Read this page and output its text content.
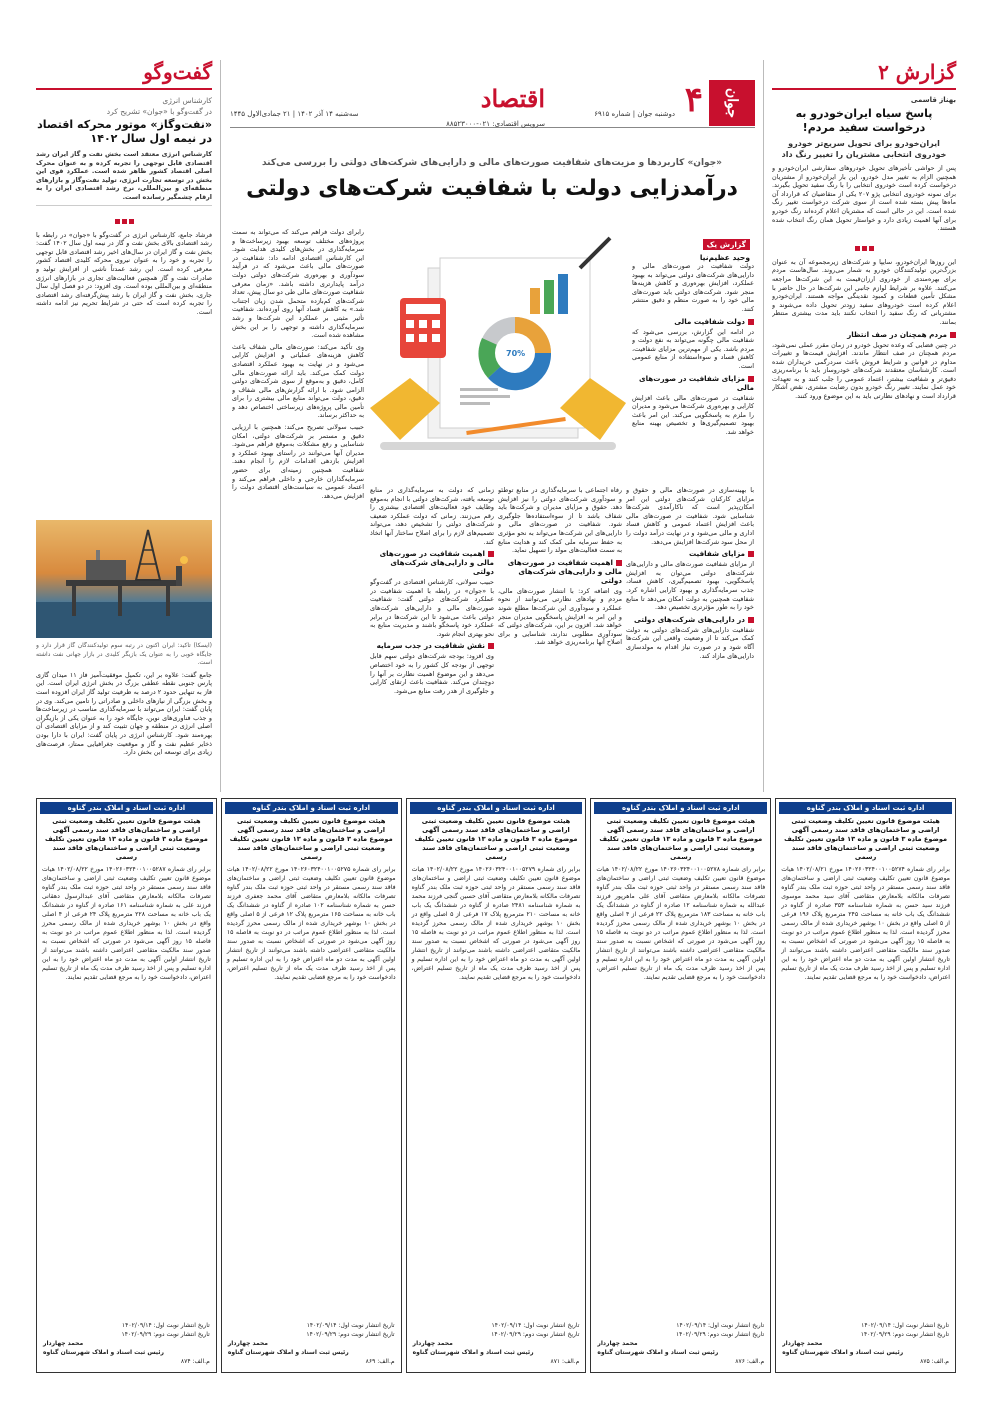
گفت‌وگو
کارشناس انرژی
در گفت‌وگو با «جوان» تشریح کرد
«نفت‌وگاز» موتور محرکه اقتصاد در نیمه اول سال ۱۴۰۲
کارشناس انرژی معتقد است بخش نفت و گاز ایران رشد اقتصادی قابل توجهی را تجربه کرده و به عنوان محرک اصلی اقتصاد کشور ظاهر شده است. عملکرد قوی این بخش در توسعه تجارت انرژی، تولید نفت‌وگاز و بازارهای منطقه‌ای و بین‌المللی، نرخ رشد اقتصادی ایران را به ارقام چشمگیر رسانده است.
فرشاد جامع، کارشناس انرژی در گفت‌وگو با «جوان» در رابطه با رشد اقتصادی بالای بخش نفت و گاز در نیمه اول سال ۱۴۰۲ گفت: بخش نفت و گاز ایران در سال‌های اخیر رشد اقتصادی قابل توجهی را تجربه و خود را به عنوان نیروی محرکه کلیدی اقتصاد کشور معرفی کرده است. این رشد عمدتاً ناشی از افزایش تولید و صادرات نفت و گاز همچنین فعالیت‌های تجاری در بازارهای انرژی منطقه‌ای و بین‌المللی بوده است. وی افزود: در دو فصل اول سال جاری، بخش نفت و گاز ایران با رشد پیش‌گرفته‌ای رشد اقتصادی را تجربه کرده است که حتی در شرایط تحریم نیز ادامه داشته است.
(ایسکا) تاکید: ایران اکنون در رتبه سوم تولیدکنندگان گاز قرار دارد و جایگاه خوبی را به عنوان یک بازیگر کلیدی در بازار جهانی نفت داشته است.
جامع گفت: علاوه بر این، تکمیل موفقیت‌آمیز فاز ۱۱ میدان گازی پارس جنوبی نقطه عطفی بزرگ در بخش انرژی ایران است. این فاز به تنهایی حدود ۲ درصد به ظرفیت تولید گاز ایران افزوده است و بخش بزرگی از نیازهای داخلی و صادراتی را تامین می‌کند. وی در پایان گفت: ایران می‌تواند با سرمایه‌گذاری مناسب در زیرساخت‌ها و جذب فناوری‌های نوین، جایگاه خود را به عنوان یکی از بازیگران اصلی انرژی در منطقه و جهان تثبیت کند و از مزایای اقتصادی آن بهره‌مند شود. کارشناس انرژی در پایان گفت: ایران با دارا بودن ذخایر عظیم نفت و گاز و موقعیت جغرافیایی ممتاز، فرصت‌های زیادی برای توسعه این بخش دارد.
جوان
۴
اقتصاد
دوشنبه جوان | شماره ۶۹۱۵
سه‌شنبه ۱۴ آذر ۱۴۰۲ | ۲۱ جمادی‌الاول ۱۴۴۵
سرویس اقتصادی: ۰۲۱-۸۸۵۲۳۰۰۰
«جوان» کاربردها و مزیت‌های شفافیت صورت‌های مالی و دارایی‌های شرکت‌های دولتی را بررسی می‌کند
درآمدزایی دولت با شفافیت شرکت‌های دولتی
70%
گزارش یک
وحید عظیم‌نیا
رابرای دولت فراهم می‌کند که می‌تواند به سمت پروژه‌های مختلف توسعه بهبود زیرساخت‌ها و سرمایه‌گذاری در بخش‌های کلیدی هدایت شود. این کارشناس اقتصادی ادامه داد: شفافیت در صورت‌های مالی باعث می‌شود که در فرآیند سودآوری و بهره‌وری شرکت‌های دولتی دولت درآمد پایدارتری داشته باشد. «زمان معرفی شفافیت صورت‌های مالی طی دو سال پیش، تعداد شرکت‌های کم‌بازده متحمل شدن زیان اجتناب شد.» به کاهش فساد آنها روی آورده‌اند. شفافیت تأثیر مثبتی بر عملکرد این شرکت‌ها و رشد سرمایه‌گذاری داشته و توجهی را بر این بخش مشاهده شده است.
وی تأکید می‌کند: صورت‌های مالی شفاف باعث کاهش هزینه‌های عملیاتی و افزایش کارایی می‌شود و در نهایت به بهبود عملکرد اقتصادی دولت کمک می‌کند. باید ارائه صورت‌های مالی کامل، دقیق و به‌موقع از سوی شرکت‌های دولتی الزامی شود. با ارائه گزارش‌های مالی شفاف و دقیق، دولت می‌تواند منابع مالی بیشتری را برای تأمین مالی پروژه‌های زیرساختی اختصاص دهد و به حداکثر برساند.
حبیب سولانی تصریح می‌کند: همچنین با ارزیابی دقیق و مستمر بر شرکت‌های دولتی، امکان شناسایی و رفع مشکلات به‌موقع فراهم می‌شود. مدیران آنها می‌توانند در راستای بهبود عملکرد و افزایش بازدهی اقدامات لازم را انجام دهند. شفافیت همچنین زمینه‌ای برای حضور سرمایه‌گذاران خارجی و داخلی فراهم می‌کند و اعتماد عمومی به سیاست‌های اقتصادی دولت را افزایش می‌دهد.
زمانی که دولت به سرمایه‌گذاری در منابع توسعه یافته، شرکت‌های دولتی با انجام به‌موقع وظایف خود فعالیت‌های اقتصادی بیشتری را رقم می‌زنند. زمانی که دولت عملکرد ضعیف شرکت‌های دولتی را تشخیص دهد، می‌تواند تصمیم‌های لازم را برای اصلاح ساختار آنها اتخاذ کند.
اهمیت شفافیت در صورت‌های مالی و دارایی‌های شرکت‌های دولتی
حبیب سولانی، کارشناس اقتصادی در گفت‌وگو با «جوان» در رابطه با اهمیت شفافیت در عملکرد شرکت‌های دولتی گفت: شفافیت صورت‌های مالی و دارایی‌های شرکت‌های دولتی باعث می‌شود تا این شرکت‌ها در برابر عملکرد خود پاسخگو باشند و مدیریت منابع به نحو بهتری انجام شود.
نقش شفافیت در جذب سرمایه
وی افزود: بودجه شرکت‌های دولتی سهم قابل توجهی از بودجه کل کشور را به خود اختصاص می‌دهد و این موضوع اهمیت نظارت بر آنها را دوچندان می‌کند. شفافیت باعث ارتقای کارایی و جلوگیری از هدر رفت منابع می‌شود.
رفاه اجتماعی با سرمایه‌گذاری در منابع توطئو و سودآوری شرکت‌های دولتی را نیز افزایش دهد. حقوق و مزایای مدیران و شرکت‌ها باید شفاف باشد تا از سوءاستفاده‌ها جلوگیری شود. شفافیت در صورت‌های مالی و دارایی‌های این شرکت‌ها می‌تواند به نحو مؤثری به حفظ سرمایه ملی کمک کند و هدایت منابع به سمت فعالیت‌های مولد را تسهیل نماید.
اهمیت شفافیت در صورت‌های مالی و دارایی‌های شرکت‌های دولتی
وی اضافه کرد: با انتشار صورت‌های مالی، مردم و نهادهای نظارتی می‌توانند از نحوه عملکرد و سودآوری این شرکت‌ها مطلع شوند و این امر به افزایش پاسخگویی مدیران منجر خواهد شد. افزون بر این، شرکت‌های دولتی که سودآوری مطلوبی ندارند، شناسایی و برای اصلاح آنها برنامه‌ریزی خواهد شد.
با بهینه‌سازی در صورت‌های مالی و حقوق و مزایای کارکنان شرکت‌های دولتی این امر امکان‌پذیر است که ناکارآمدی شرکت‌ها شناسایی شود. شفافیت در صورت‌های مالی باعث افزایش اعتماد عمومی و کاهش فساد اداری و مالی می‌شود و در نهایت درآمد دولت را از محل سود شرکت‌ها افزایش می‌دهد.
مزایای شفافیت
از مزایای شفافیت صورت‌های مالی و دارایی‌های شرکت‌های دولتی می‌توان به افزایش پاسخگویی، بهبود تصمیم‌گیری، کاهش فساد، جذب سرمایه‌گذاری و بهبود کارایی اشاره کرد. شفافیت همچنین به دولت امکان می‌دهد تا منابع خود را به طور مؤثرتری تخصیص دهد.
در دارایی‌های شرکت‌های دولتی
شفافیت دارایی‌های شرکت‌های دولتی به دولت کمک می‌کند تا از وضعیت واقعی این شرکت‌ها آگاه شود و در صورت نیاز اقدام به مولدسازی دارایی‌های مازاد کند.
دولت شفافیت در صورت‌های مالی و دارایی‌های شرکت‌های دولتی می‌تواند به بهبود عملکرد، افزایش بهره‌وری و کاهش هزینه‌ها منجر شود. شرکت‌های دولتی باید صورت‌های مالی خود را به صورت منظم و دقیق منتشر کنند.
دولت شفافیت مالی
در ادامه این گزارش، بررسی می‌شود که شفافیت مالی چگونه می‌تواند به نفع دولت و مردم باشد. یکی از مهم‌ترین مزایای شفافیت، کاهش فساد و سوءاستفاده از منابع عمومی است.
مزایای شفافیت در صورت‌های مالی
شفافیت در صورت‌های مالی باعث افزایش کارایی و بهره‌وری شرکت‌ها می‌شود و مدیران را ملزم به پاسخگویی می‌کند. این امر باعث بهبود تصمیم‌گیری‌ها و تخصیص بهینه منابع خواهد شد.
گزارش ۲
بهناز قاسمی
پاسخ سیاه ایران‌خودرو به درخواست سفید مردم!
ایران‌خودرو برای تحویل سریع‌تر خودرو خودروی انتخابی مشتریان را تغییر رنگ داد
پس از حواشی تأخیرهای تحویل خودروهای سفارشی ایران‌خودرو و همچنین الزام به تغییر مدل خودرو، این بار ایران‌خودرو از مشتریان درخواست کرده است خودروی انتخابی را با رنگ سفید تحویل بگیرند. برای نمونه خودروی انتخابی پژو ۲۰۷ یکی از متقاضیان که قرارداد آن ماه‌ها پیش بسته شده است از سوی شرکت درخواست تغییر رنگ شده است. این در حالی است که مشتریان اعلام کرده‌اند رنگ خودرو برای آنها اهمیت زیادی دارد و خواستار تحویل همان رنگ انتخاب شده هستند.
این روزها ایران‌خودرو، سایپا و شرکت‌های زیرمجموعه آن به عنوان بزرگ‌ترین تولیدکنندگان خودرو به شمار می‌روند. سال‌هاست مردم برای بهره‌مندی از خودروی ارزان‌قیمت به این شرکت‌ها مراجعه می‌کنند. علاوه بر شرایط لوازم جانبی این شرکت‌ها در حال حاضر با مشکل تأمین قطعات و کمبود نقدینگی مواجه هستند. ایران‌خودرو اعلام کرده است خودروهای سفید زودتر تحویل داده می‌شوند و مشتریانی که رنگ سفید را انتخاب نکنند باید مدت بیشتری منتظر بمانند.
مردم همچنان در صف انتظار
در چنین فضایی که وعده تحویل خودرو در زمان مقرر عملی نمی‌شود، مردم همچنان در صف انتظار ماندند. افزایش قیمت‌ها و تغییرات مداوم در قوانین و شرایط فروش باعث سردرگمی خریداران شده است. کارشناسان معتقدند شرکت‌های خودروساز باید با برنامه‌ریزی دقیق‌تر و شفافیت بیشتر، اعتماد عمومی را جلب کنند و به تعهدات خود عمل نمایند. تغییر رنگ خودرو بدون رضایت مشتری، نقض آشکار قرارداد است و نهادهای نظارتی باید به این موضوع ورود کنند.
اداره ثبت اسناد و املاک بندر گناوه
هیئت موضوع قانون تعیین تکلیف وضعیت ثبتی اراضی و ساختمان‌های فاقد سند رسمی آگهی موضوع ماده ۳ قانون و ماده ۱۳ قانون تعیین تکلیف وضعیت ثبتی اراضی و ساختمان‌های فاقد سند رسمی
برابر رای شماره ۱۴۰۲۶۰۳۲۴۰۰۱۰۰۵۲۷۴ مورخ ۱۴۰۲/۰۸/۲۱ هیات موضوع قانون تعیین تکلیف وضعیت ثبتی اراضی و ساختمان‌های فاقد سند رسمی مستقر در واحد ثبتی حوزه ثبت ملک بندر گناوه تصرفات مالکانه بلامعارض متقاضی آقای سید محمد موسوی فرزند سید حسن به شماره شناسنامه ۳۵۳ صادره از گناوه در ششدانگ یک باب خانه به مساحت ۲۴۵ مترمربع پلاک ۱۹۶ فرعی از ۵ اصلی واقع در بخش ۱۰ بوشهر خریداری شده از مالک رسمی محرز گردیده است. لذا به منظور اطلاع عموم مراتب در دو نوبت به فاصله ۱۵ روز آگهی می‌شود در صورتی که اشخاص نسبت به صدور سند مالکیت متقاضی اعتراضی داشته باشند می‌توانند از تاریخ انتشار اولین آگهی به مدت دو ماه اعتراض خود را به این اداره تسلیم و پس از اخذ رسید ظرف مدت یک ماه از تاریخ تسلیم اعتراض، دادخواست خود را به مرجع قضایی تقدیم نمایند.
تاریخ انتشار نوبت اول: ۱۴۰۲/۰۹/۱۴
تاریخ انتشار نوبت دوم: ۱۴۰۲/۰۹/۲۹
محمد چهاردار
رئیس ثبت اسناد و املاک شهرستان گناوه
م.الف: ۸۷۵
اداره ثبت اسناد و املاک بندر گناوه
هیئت موضوع قانون تعیین تکلیف وضعیت ثبتی اراضی و ساختمان‌های فاقد سند رسمی آگهی موضوع ماده ۳ قانون و ماده ۱۳ قانون تعیین تکلیف وضعیت ثبتی اراضی و ساختمان‌های فاقد سند رسمی
برابر رای شماره ۱۴۰۲۶۰۳۲۴۰۰۱۰۰۵۲۷۸ مورخ ۱۴۰۲/۰۸/۲۲ هیات موضوع قانون تعیین تکلیف وضعیت ثبتی اراضی و ساختمان‌های فاقد سند رسمی مستقر در واحد ثبتی حوزه ثبت ملک بندر گناوه تصرفات مالکانه بلامعارض متقاضی آقای علی ماهرپور فرزند عبدالله به شماره شناسنامه ۱۲ صادره از گناوه در ششدانگ یک باب خانه به مساحت ۱۸۳ مترمربع پلاک ۲۲ فرعی از ۴ اصلی واقع در بخش ۱۰ بوشهر خریداری شده از مالک رسمی محرز گردیده است. لذا به منظور اطلاع عموم مراتب در دو نوبت به فاصله ۱۵ روز آگهی می‌شود در صورتی که اشخاص نسبت به صدور سند مالکیت متقاضی اعتراضی داشته باشند می‌توانند از تاریخ انتشار اولین آگهی به مدت دو ماه اعتراض خود را به این اداره تسلیم و پس از اخذ رسید ظرف مدت یک ماه از تاریخ تسلیم اعتراض، دادخواست خود را به مرجع قضایی تقدیم نمایند.
تاریخ انتشار نوبت اول: ۱۴۰۲/۰۹/۱۴
تاریخ انتشار نوبت دوم: ۱۴۰۲/۰۹/۲۹
محمد چهاردار
رئیس ثبت اسناد و املاک شهرستان گناوه
م.الف: ۸۷۶
اداره ثبت اسناد و املاک بندر گناوه
هیئت موضوع قانون تعیین تکلیف وضعیت ثبتی اراضی و ساختمان‌های فاقد سند رسمی آگهی موضوع ماده ۳ قانون و ماده ۱۳ قانون تعیین تکلیف وضعیت ثبتی اراضی و ساختمان‌های فاقد سند رسمی
برابر رای شماره ۱۴۰۲۶۰۳۲۴۰۰۱۰۰۵۲۷۹ مورخ ۱۴۰۲/۰۸/۲۲ هیات موضوع قانون تعیین تکلیف وضعیت ثبتی اراضی و ساختمان‌های فاقد سند رسمی مستقر در واحد ثبتی حوزه ثبت ملک بندر گناوه تصرفات مالکانه بلامعارض متقاضی آقای حسین گنجی فرزند محمد به شماره شناسنامه ۲۴۸۱ صادره از گناوه در ششدانگ یک باب خانه به مساحت ۲۱۰ مترمربع پلاک ۱۷ فرعی از ۵ اصلی واقع در بخش ۱۰ بوشهر خریداری شده از مالک رسمی محرز گردیده است. لذا به منظور اطلاع عموم مراتب در دو نوبت به فاصله ۱۵ روز آگهی می‌شود در صورتی که اشخاص نسبت به صدور سند مالکیت متقاضی اعتراضی داشته باشند می‌توانند از تاریخ انتشار اولین آگهی به مدت دو ماه اعتراض خود را به این اداره تسلیم و پس از اخذ رسید ظرف مدت یک ماه از تاریخ تسلیم اعتراض، دادخواست خود را به مرجع قضایی تقدیم نمایند.
تاریخ انتشار نوبت اول: ۱۴۰۲/۰۹/۱۴
تاریخ انتشار نوبت دوم: ۱۴۰۲/۰۹/۲۹
محمد چهاردار
رئیس ثبت اسناد و املاک شهرستان گناوه
م.الف: ۸۷۱
اداره ثبت اسناد و املاک بندر گناوه
هیئت موضوع قانون تعیین تکلیف وضعیت ثبتی اراضی و ساختمان‌های فاقد سند رسمی آگهی موضوع ماده ۳ قانون و ماده ۱۳ قانون تعیین تکلیف وضعیت ثبتی اراضی و ساختمان‌های فاقد سند رسمی
برابر رای شماره ۱۴۰۲۶۰۳۲۴۰۰۱۰۰۵۲۷۵ مورخ ۱۴۰۲/۰۸/۲۲ هیات موضوع قانون تعیین تکلیف وضعیت ثبتی اراضی و ساختمان‌های فاقد سند رسمی مستقر در واحد ثبتی حوزه ثبت ملک بندر گناوه تصرفات مالکانه بلامعارض متقاضی آقای محمد جعفری فرزند حسن به شماره شناسنامه ۱۰۲ صادره از گناوه در ششدانگ یک باب خانه به مساحت ۱۶۵ مترمربع پلاک ۱۲ فرعی از ۵ اصلی واقع در بخش ۱۰ بوشهر خریداری شده از مالک رسمی محرز گردیده است. لذا به منظور اطلاع عموم مراتب در دو نوبت به فاصله ۱۵ روز آگهی می‌شود در صورتی که اشخاص نسبت به صدور سند مالکیت متقاضی اعتراضی داشته باشند می‌توانند از تاریخ انتشار اولین آگهی به مدت دو ماه اعتراض خود را به این اداره تسلیم و پس از اخذ رسید ظرف مدت یک ماه از تاریخ تسلیم اعتراض، دادخواست خود را به مرجع قضایی تقدیم نمایند.
تاریخ انتشار نوبت اول: ۱۴۰۲/۰۹/۱۴
تاریخ انتشار نوبت دوم: ۱۴۰۲/۰۹/۲۹
محمد چهاردار
رئیس ثبت اسناد و املاک شهرستان گناوه
م.الف: ۸۶۹
اداره ثبت اسناد و املاک بندر گناوه
هیئت موضوع قانون تعیین تکلیف وضعیت ثبتی اراضی و ساختمان‌های فاقد سند رسمی آگهی موضوع ماده ۳ قانون و ماده ۱۳ قانون تعیین تکلیف وضعیت ثبتی اراضی و ساختمان‌های فاقد سند رسمی
برابر رای شماره ۱۴۰۲۶۰۳۲۴۰۰۱۰۰۵۲۸۷ مورخ ۱۴۰۲/۰۸/۲۲ هیات موضوع قانون تعیین تکلیف وضعیت ثبتی اراضی و ساختمان‌های فاقد سند رسمی مستقر در واحد ثبتی حوزه ثبت ملک بندر گناوه تصرفات مالکانه بلامعارض متقاضی آقای عبدالرسول دهقانی فرزند علی به شماره شناسنامه ۱۶۱ صادره از گناوه در ششدانگ یک باب خانه به مساحت ۲۲۸ مترمربع پلاک ۲۴ فرعی از ۴ اصلی واقع در بخش ۱۰ بوشهر خریداری شده از مالک رسمی محرز گردیده است. لذا به منظور اطلاع عموم مراتب در دو نوبت به فاصله ۱۵ روز آگهی می‌شود در صورتی که اشخاص نسبت به صدور سند مالکیت متقاضی اعتراضی داشته باشند می‌توانند از تاریخ انتشار اولین آگهی به مدت دو ماه اعتراض خود را به این اداره تسلیم و پس از اخذ رسید ظرف مدت یک ماه از تاریخ تسلیم اعتراض، دادخواست خود را به مرجع قضایی تقدیم نمایند.
تاریخ انتشار نوبت اول: ۱۴۰۲/۰۹/۱۴
تاریخ انتشار نوبت دوم: ۱۴۰۲/۰۹/۲۹
محمد چهاردار
رئیس ثبت اسناد و املاک شهرستان گناوه
م.الف: ۸۷۴
